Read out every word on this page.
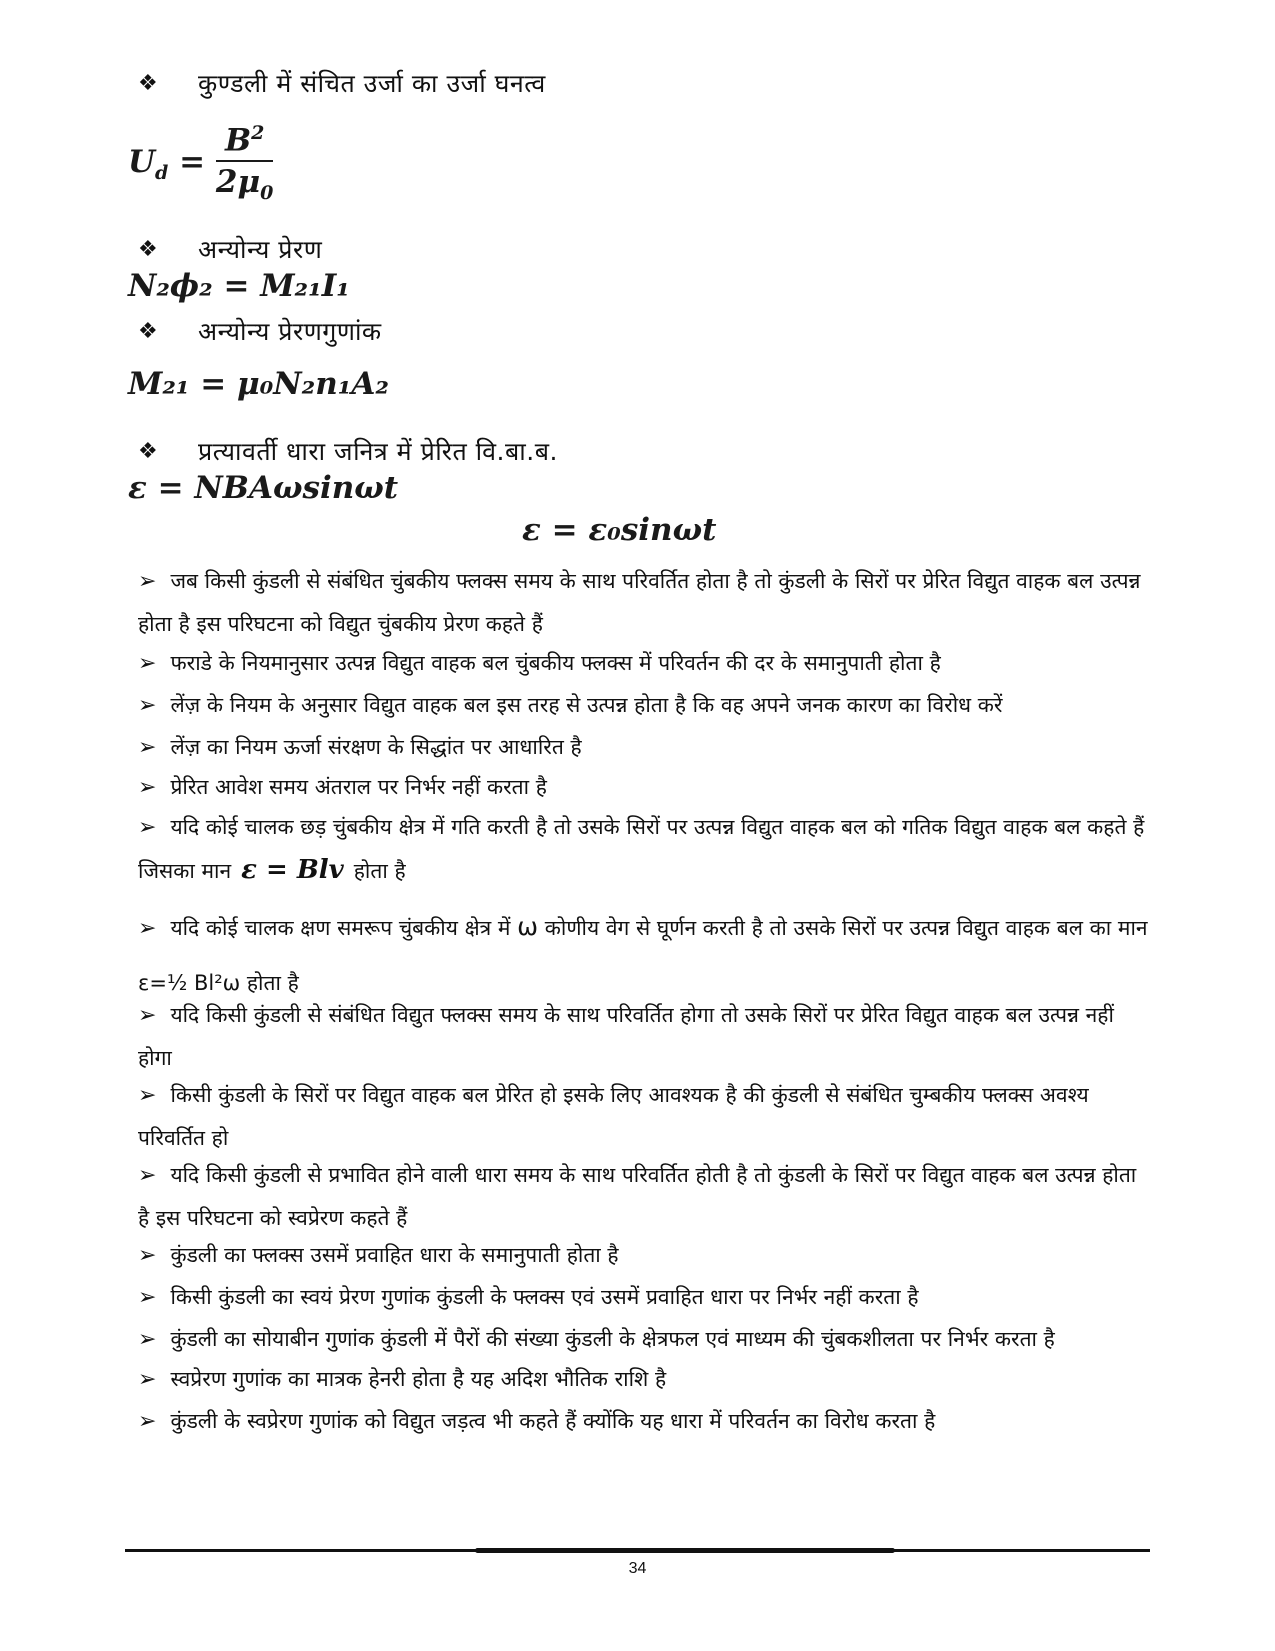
❖	कुण्डली में संचित उर्जा का उर्जा घनत्व
$U_d = \frac{B^2}{2\mu_0}$
❖	अन्योन्य प्रेरण
N₂ϕ₂ = M₂₁I₁
❖	अन्योन्य प्रेरणगुणांक
M₂₁ = μ₀N₂n₁A₂
❖	प्रत्यावर्ती धारा जनित्र में प्रेरित वि.बा.ब.
ε = NBAωsinωt
ε = ε₀sinωt
➢ जब किसी कुंडली से संबंधित चुंबकीय फ्लक्स समय के साथ परिवर्तित होता है तो कुंडली के सिरों पर प्रेरित विद्युत वाहक बल उत्पन्न होता है इस परिघटना को विद्युत चुंबकीय प्रेरण कहते हैं
➢ फराडे के नियमानुसार उत्पन्न विद्युत वाहक बल चुंबकीय फ्लक्स में परिवर्तन की दर के समानुपाती होता है
➢ लेंज़ के नियम के अनुसार विद्युत वाहक बल इस तरह से उत्पन्न होता है कि वह अपने जनक कारण का विरोध करें
➢ लेंज़ का नियम ऊर्जा संरक्षण के सिद्धांत पर आधारित है
➢ प्रेरित आवेश समय अंतराल पर निर्भर नहीं करता है
➢ यदि कोई चालक छड़ चुंबकीय क्षेत्र में गति करती है तो उसके सिरों पर उत्पन्न विद्युत वाहक बल को गतिक विद्युत वाहक बल कहते हैं जिसका मान ε = Blv होता है
➢ यदि कोई चालक क्षण समरूप चुंबकीय क्षेत्र में ω कोणीय वेग से घूर्णन करती है तो उसके सिरों पर उत्पन्न विद्युत वाहक बल का मान ε=½ Bl²ω होता है
➢ यदि किसी कुंडली से संबंधित विद्युत फ्लक्स समय के साथ परिवर्तित होगा तो उसके सिरों पर प्रेरित विद्युत वाहक बल उत्पन्न नहीं होगा
➢ किसी कुंडली के सिरों पर विद्युत वाहक बल प्रेरित हो इसके लिए आवश्यक है की कुंडली से संबंधित चुम्बकीय फ्लक्स अवश्य परिवर्तित हो
➢ यदि किसी कुंडली से प्रभावित होने वाली धारा समय के साथ परिवर्तित होती है तो कुंडली के सिरों पर विद्युत वाहक बल उत्पन्न होता है इस परिघटना को स्वप्रेरण कहते हैं
➢ कुंडली का फ्लक्स उसमें प्रवाहित धारा के समानुपाती होता है
➢ किसी कुंडली का स्वयं प्रेरण गुणांक कुंडली के फ्लक्स एवं उसमें प्रवाहित धारा पर निर्भर नहीं करता है
➢ कुंडली का सोयाबीन गुणांक कुंडली में पैरों की संख्या कुंडली के क्षेत्रफल एवं माध्यम की चुंबकशीलता पर निर्भर करता है
➢ स्वप्रेरण गुणांक का मात्रक हेनरी होता है यह अदिश भौतिक राशि है
➢ कुंडली के स्वप्रेरण गुणांक को विद्युत जड़त्व भी कहते हैं क्योंकि यह धारा में परिवर्तन का विरोध करता है
34
